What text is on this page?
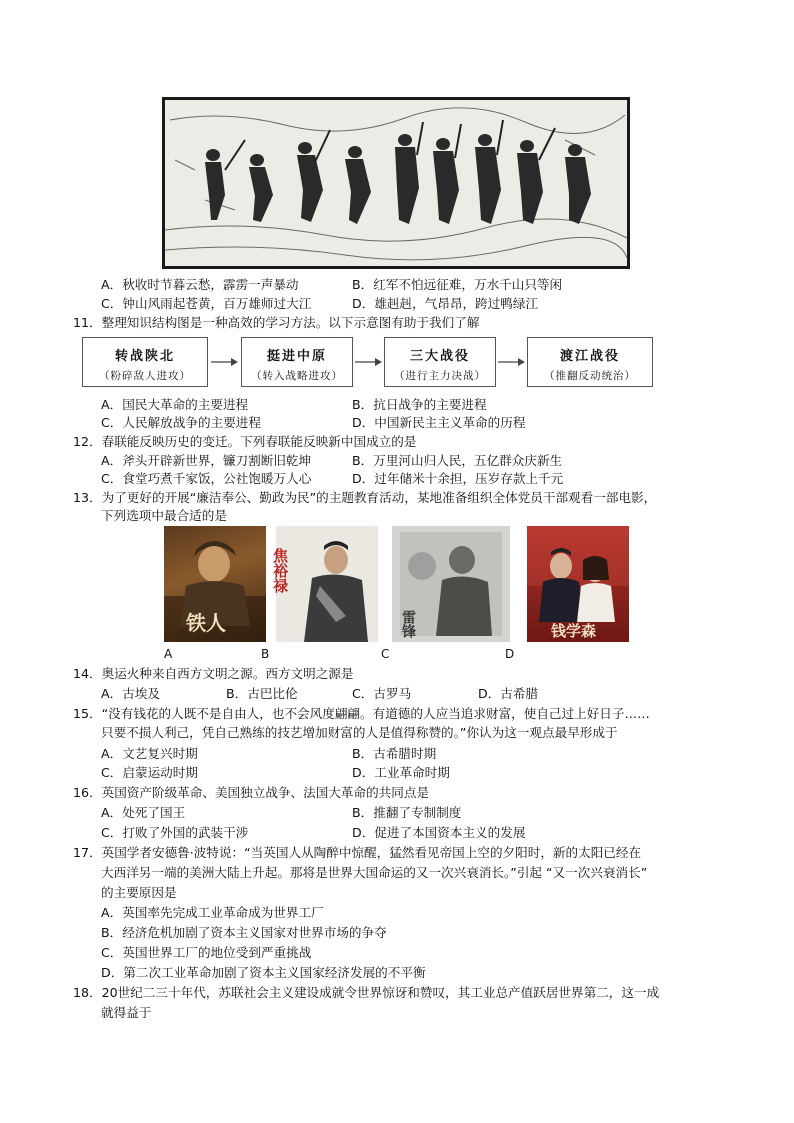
A．秋收时节暮云愁，霹雳一声暴动	B．红军不怕远征难，万水千山只等闲
C．钟山风雨起苍黄，百万雄师过大江	D．雄赳赳，气昂昂，跨过鸭绿江
11．整理知识结构图是一种高效的学习方法。以下示意图有助于我们了解
转战陕北
（粉碎敌人进攻）
挺进中原
（转入战略进攻）
三大战役
（进行主力决战）
渡江战役
（推翻反动统治）
A．国民大革命的主要进程	B．抗日战争的主要进程
C．人民解放战争的主要进程	D．中国新民主主义革命的历程
12．春联能反映历史的变迁。下列春联能反映新中国成立的是
A．斧头开辟新世界，镰刀割断旧乾坤	B．万里河山归人民，五亿群众庆新生
C．食堂巧煮千家饭，公社饱暖万人心	D．过年储米十余担，压岁存款上千元
13．为了更好的开展“廉洁奉公、勤政为民”的主题教育活动，某地准备组织全体党员干部观看一部电影，
下列选项中最合适的是
铁人
焦裕禄
雷锋	钱学森
A	B	C	D
14．奥运火种来自西方文明之源。西方文明之源是
A．古埃及	B．古巴比伦	C．古罗马	D．古希腊
15．“没有钱花的人既不是自由人，也不会风度翩翩。有道德的人应当追求财富，使自己过上好日子……
只要不损人利己，凭自己熟练的技艺增加财富的人是值得称赞的。”你认为这一观点最早形成于
A．文艺复兴时期	B．古希腊时期
C．启蒙运动时期	D．工业革命时期
16．英国资产阶级革命、美国独立战争、法国大革命的共同点是
A．处死了国王	B．推翻了专制制度
C．打败了外国的武装干涉	D．促进了本国资本主义的发展
17．英国学者安德鲁·波特说：“当英国人从陶醉中惊醒，猛然看见帝国上空的夕阳时，新的太阳已经在
大西洋另一端的美洲大陆上升起。那将是世界大国命运的又一次兴衰消长。”引起 “又一次兴衰消长”
的主要原因是
A．英国率先完成工业革命成为世界工厂
B．经济危机加剧了资本主义国家对世界市场的争夺
C．英国世界工厂的地位受到严重挑战
D．第二次工业革命加剧了资本主义国家经济发展的不平衡
18．20世纪二三十年代，苏联社会主义建设成就令世界惊讶和赞叹，其工业总产值跃居世界第二，这一成
就得益于
